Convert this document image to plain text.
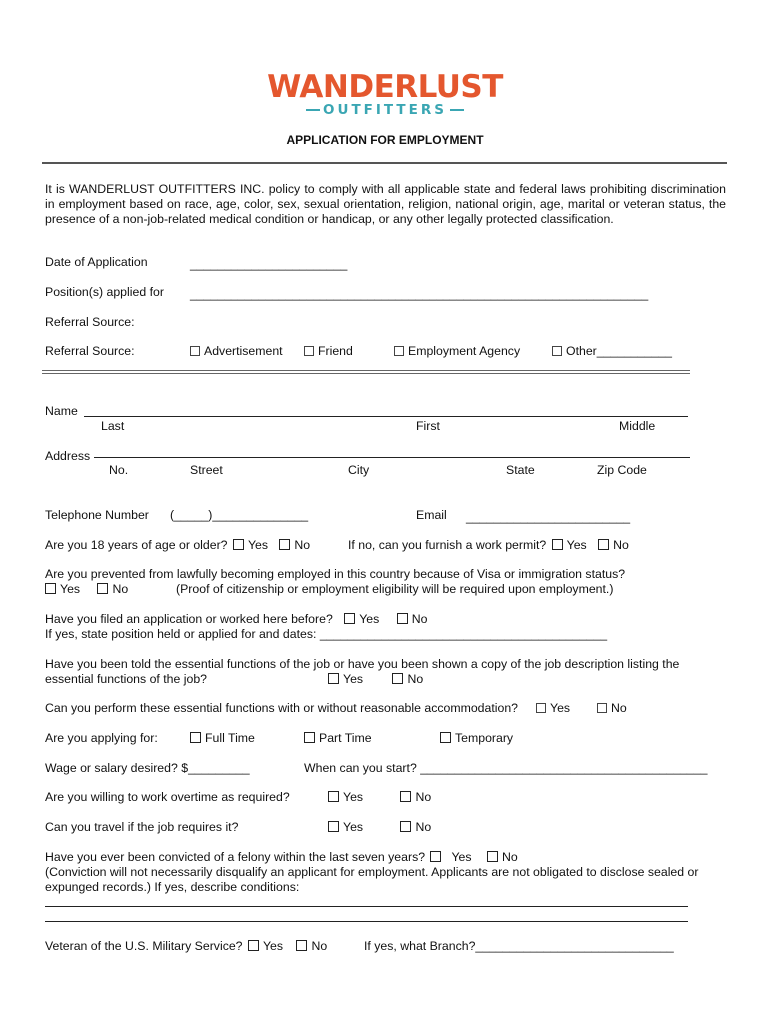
WANDERLUST
OUTFITTERS
APPLICATION FOR EMPLOYMENT
It is WANDERLUST OUTFITTERS INC. policy to comply with all applicable state and federal laws prohibiting discrimination in employment based on race, age, color, sex, sexual orientation, religion, national origin, age, marital or veteran status, the presence of a non-job-related medical condition or handicap, or any other legally protected classification.
Date of Application	_______________________
Position(s) applied for ___________________________________________________________________
Referral Source:
Referral Source:	Advertisement	Friend	Employment Agency	Other___________
Name
Last	First	Middle
Address
No.	Street	City	State	Zip Code
Telephone Number (_____)______________	Email ________________________
Are you 18 years of age or older? Yes No	If no, can you furnish a work permit? Yes No
Are you prevented from lawfully becoming employed in this country because of Visa or immigration status?
Yes	No	(Proof of citizenship or employment eligibility will be required upon employment.)
Have you filed an application or worked here before? Yes	No
If yes, state position held or applied for and dates: __________________________________________
Have you been told the essential functions of the job or have you been shown a copy of the job description listing the
essential functions of the job?	Yes	No
Can you perform these essential functions with or without reasonable accommodation?	Yes	No
Are you applying for:	Full Time	Part Time	Temporary
Wage or salary desired? $_________	When can you start? __________________________________________
Are you willing to work overtime as required?	Yes	No
Can you travel if the job requires it?	Yes	No
Have you ever been convicted of a felony within the last seven years? Yes No
(Conviction will not necessarily disqualify an applicant for employment. Applicants are not obligated to disclose sealed or
expunged records.) If yes, describe conditions:
Veteran of the U.S. Military Service? Yes No	If yes, what Branch?_____________________________
